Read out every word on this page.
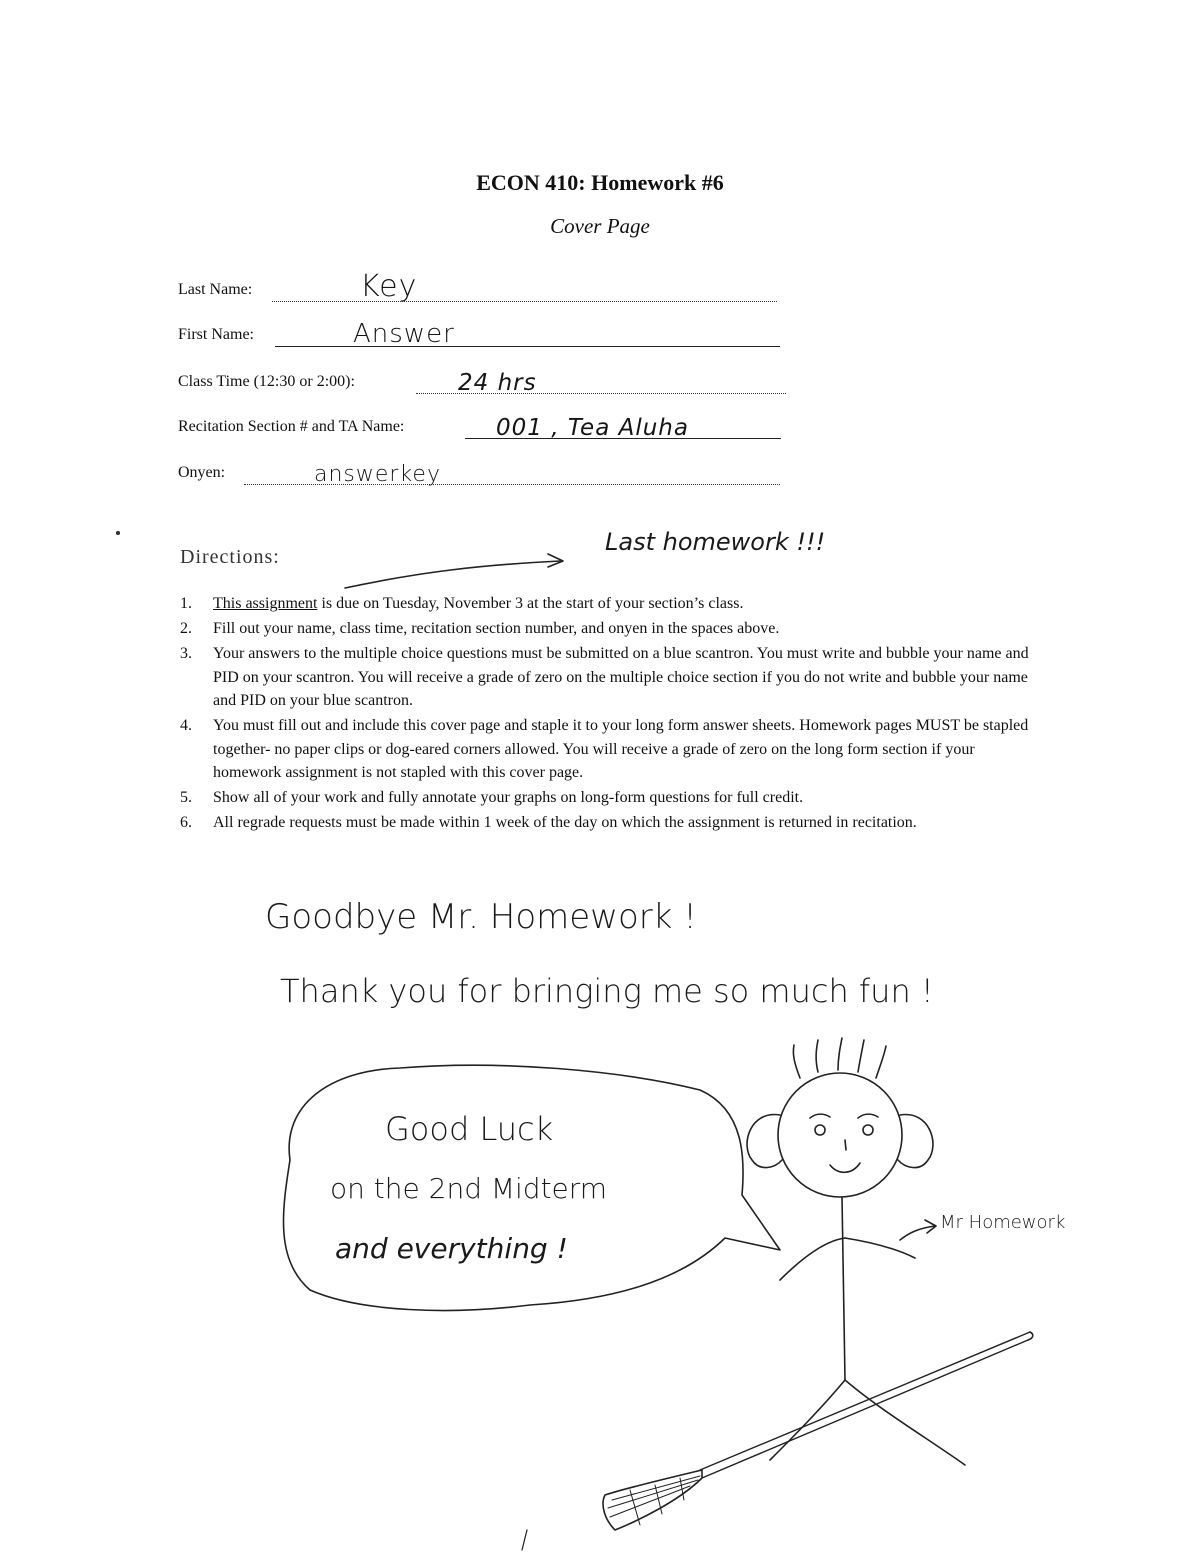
ECON 410: Homework #6
Cover Page
Last Name:	Key
First Name:	Answer
Class Time (12:30 or 2:00):	24 hrs
Recitation Section # and TA Name:	001 , Tea Aluha
Onyen:	answerkey
Directions:
Last homework !!!
1. This assignment is due on Tuesday, November 3 at the start of your section’s class.
2. Fill out your name, class time, recitation section number, and onyen in the spaces above.
3. Your answers to the multiple choice questions must be submitted on a blue scantron. You must write and bubble your name and PID on your scantron. You will receive a grade of zero on the multiple choice section if you do not write and bubble your name and PID on your blue scantron.
4. You must fill out and include this cover page and staple it to your long form answer sheets. Homework pages MUST be stapled together- no paper clips or dog-eared corners allowed. You will receive a grade of zero on the long form section if your homework assignment is not stapled with this cover page.
5. Show all of your work and fully annotate your graphs on long-form questions for full credit.
6. All regrade requests must be made within 1 week of the day on which the assignment is returned in recitation.
Goodbye Mr. Homework !
Thank you for bringing me so much fun !
Good Luck
on the 2nd Midterm
and everything !
Mr Homework
